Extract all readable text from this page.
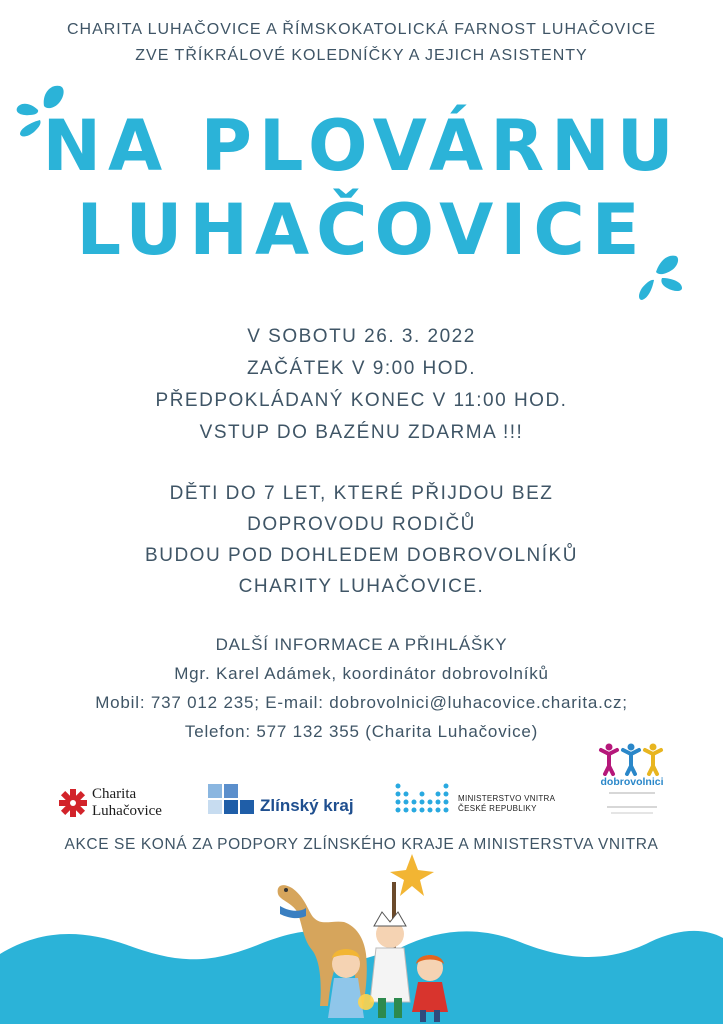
CHARITA LUHAČOVICE A ŘÍMSKOKATOLICKÁ FARNOST LUHAČOVICE
ZVE TŘÍKRÁLOVÉ KOLEDNÍČKY A JEJICH ASISTENTY
NA PLOVÁRNU
LUHAČOVICE
V SOBOTU 26. 3. 2022
ZAČÁTEK V 9:00 HOD.
PŘEDPOKLÁDANÝ KONEC V 11:00 HOD.
VSTUP DO BAZÉNU ZDARMA !!!
DĚTI DO 7 LET, KTERÉ PŘIJDOU BEZ
DOPROVODU RODIČŮ
BUDOU POD DOHLEDEM DOBROVOLNÍKŮ
CHARITY LUHAČOVICE.
DALŠÍ INFORMACE A PŘIHLÁŠKY
Mgr. Karel Adámek, koordinátor dobrovolníků
Mobil: 737 012 235; E-mail: dobrovolnici@luhacovice.charita.cz;
Telefon: 577 132 355 (Charita Luhačovice)
Charita
Luhačovice	Zlínský kraj	MINISTERSTVO VNITRA
ČESKÉ REPUBLIKY
dobrovolnici
AKCE SE KONÁ ZA PODPORY ZLÍNSKÉHO KRAJE A MINISTERSTVA VNITRA
